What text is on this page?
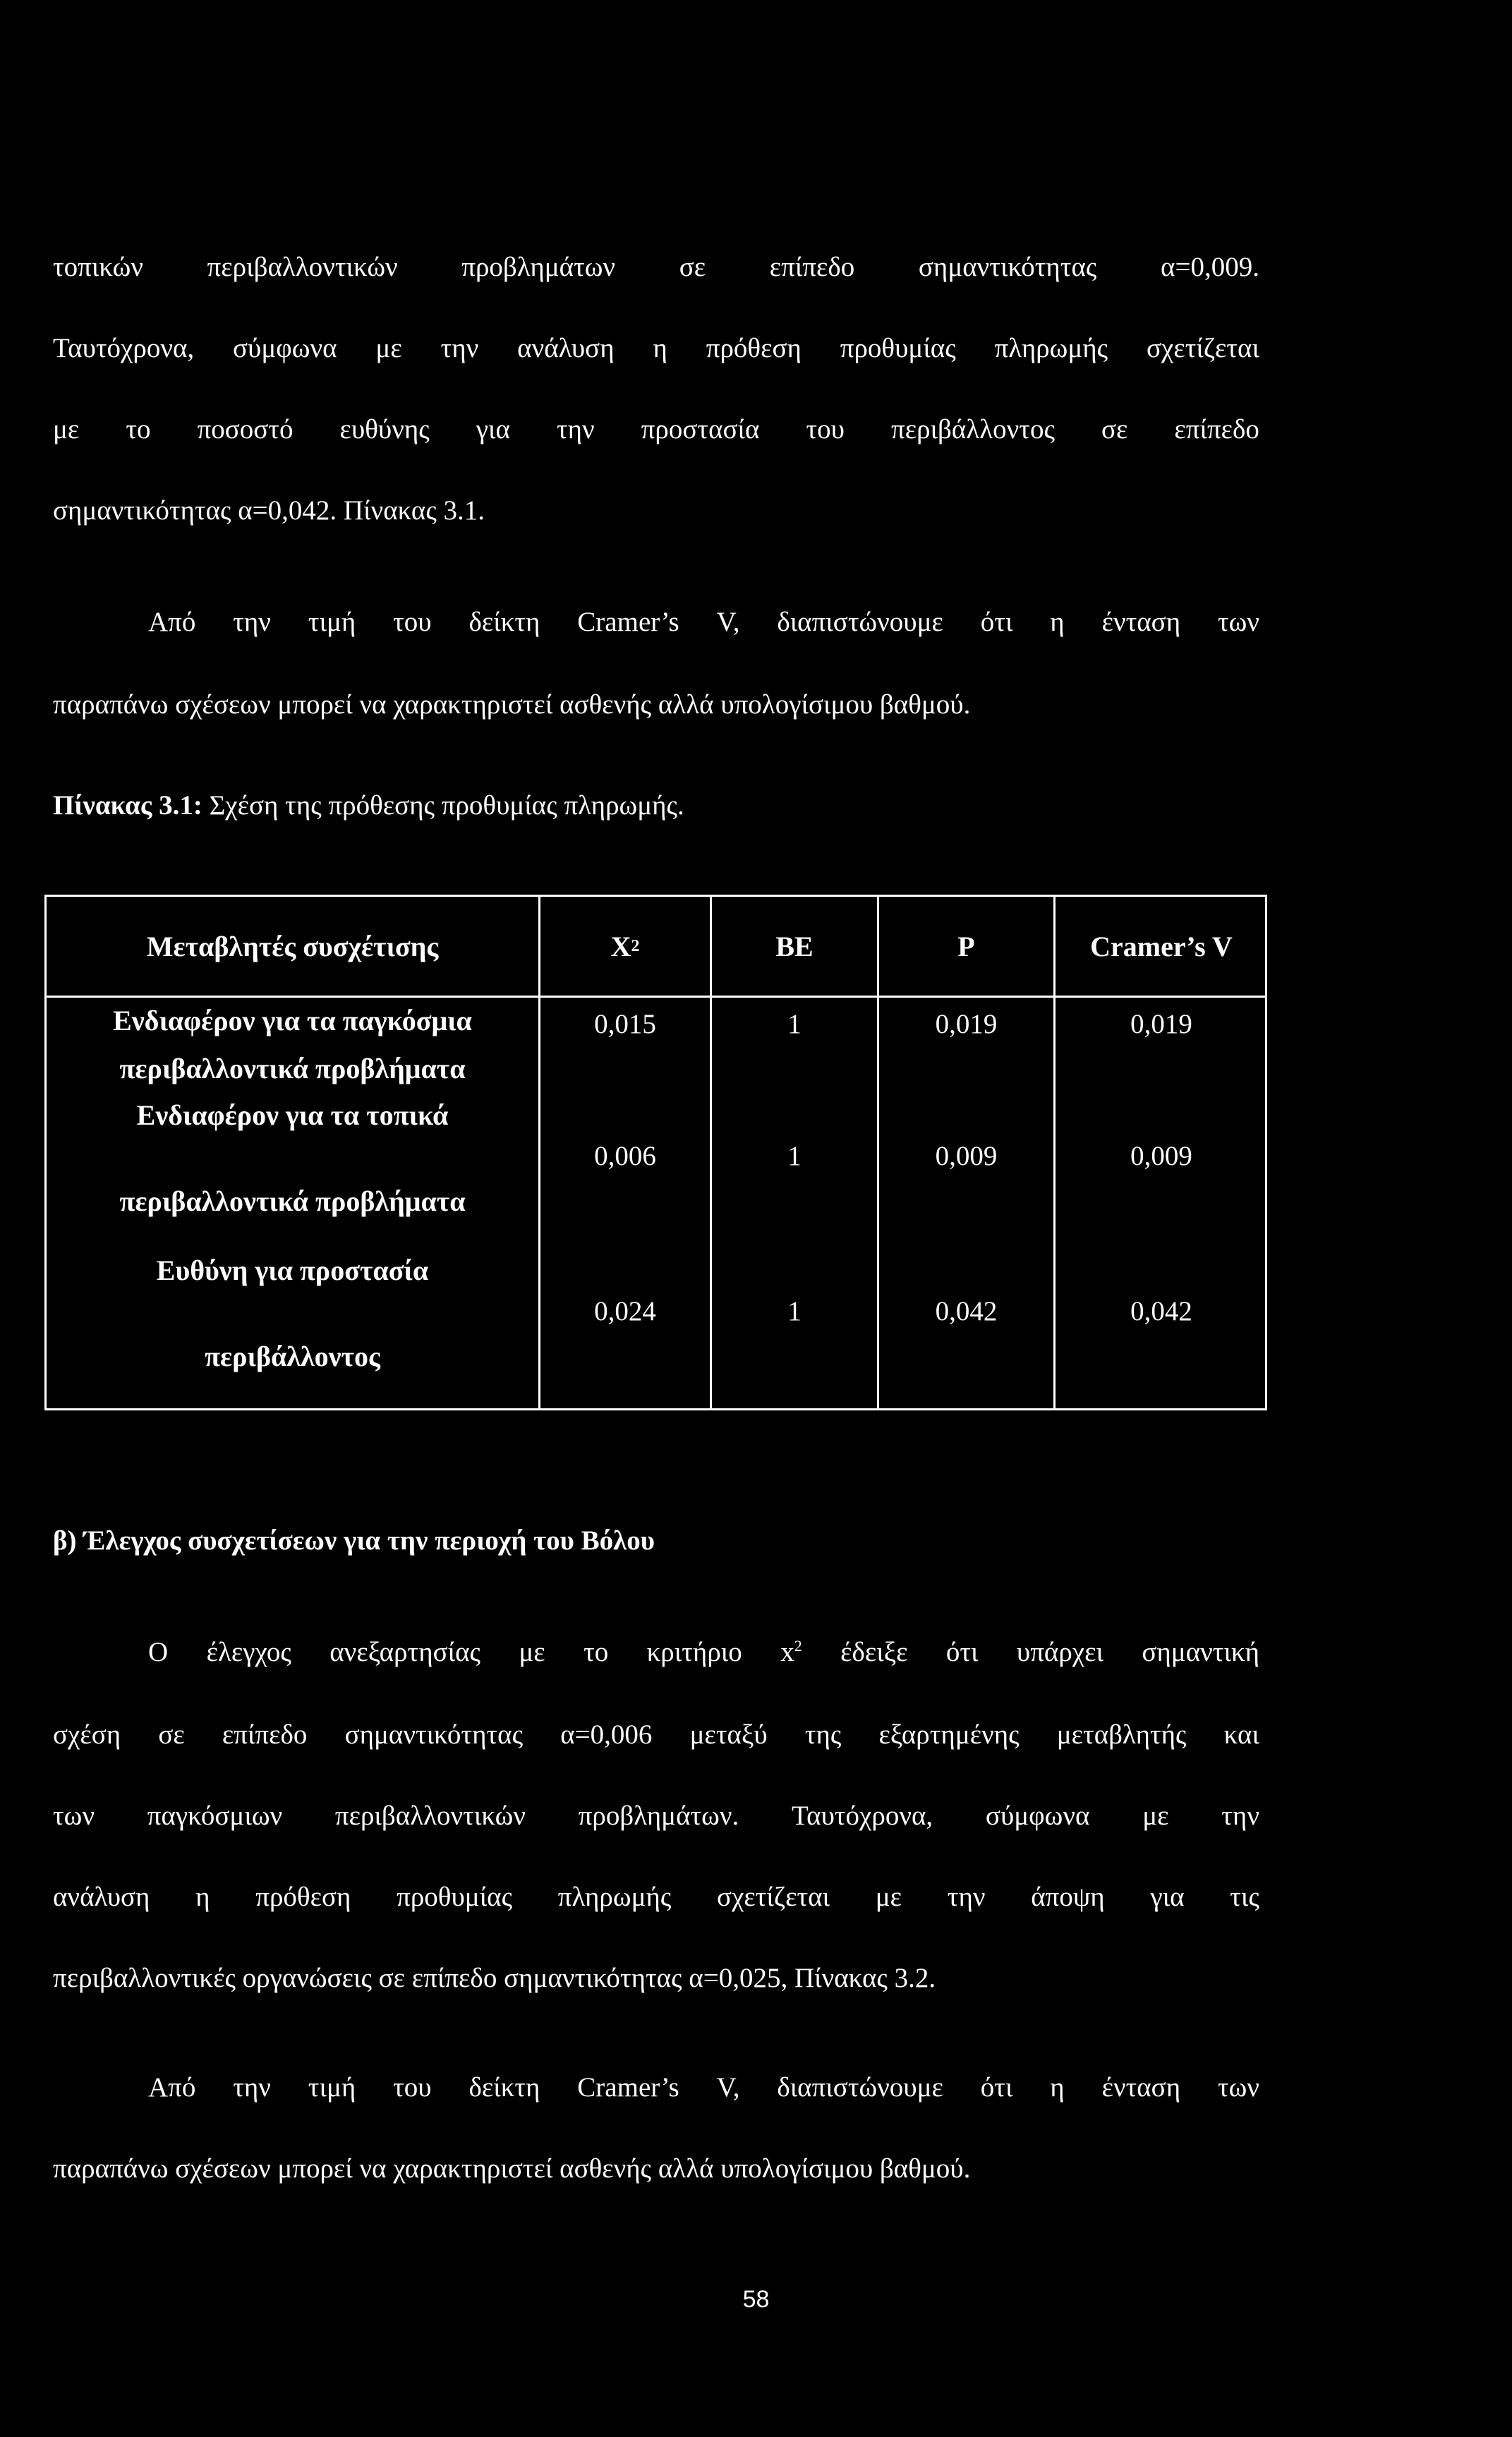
τοπικών περιβαλλοντικών προβλημάτων σε επίπεδο σημαντικότητας α=0,009.
Ταυτόχρονα, σύμφωνα με την ανάλυση η πρόθεση προθυμίας πληρωμής σχετίζεται
με το ποσοστό ευθύνης για την προστασία του περιβάλλοντος σε επίπεδο
σημαντικότητας α=0,042. Πίνακας 3.1.
Από την τιμή του δείκτη Cramer’s V, διαπιστώνουμε ότι η ένταση των
παραπάνω σχέσεων μπορεί να χαρακτηριστεί ασθενής αλλά υπολογίσιμου βαθμού.
Πίνακας 3.1: Σχέση της πρόθεσης προθυμίας πληρωμής.
Μεταβλητές συσχέτισης	Χ 2	ΒΕ	Ρ	Cramer’s V
Ενδιαφέρον για τα παγκόσμια
περιβαλλοντικά προβλήματα
0,015	1	0,019	0,019
Ενδιαφέρον για τα τοπικά
περιβαλλοντικά προβλήματα
0,006	1	0,009	0,009
Ευθύνη για προστασία
περιβάλλοντος
0,024	1	0,042	0,042
β) Έλεγχος συσχετίσεων για την περιοχή του Βόλου
Ο έλεγχος ανεξαρτησίας με το κριτήριο $x^2$ έδειξε ότι υπάρχει σημαντική
σχέση σε επίπεδο σημαντικότητας α=0,006 μεταξύ της εξαρτημένης μεταβλητής και
των παγκόσμιων περιβαλλοντικών προβλημάτων. Ταυτόχρονα, σύμφωνα με την
ανάλυση η πρόθεση προθυμίας πληρωμής σχετίζεται με την άποψη για τις
περιβαλλοντικές οργανώσεις σε επίπεδο σημαντικότητας α=0,025, Πίνακας 3.2.
Από την τιμή του δείκτη Cramer’s V, διαπιστώνουμε ότι η ένταση των
παραπάνω σχέσεων μπορεί να χαρακτηριστεί ασθενής αλλά υπολογίσιμου βαθμού.
58
